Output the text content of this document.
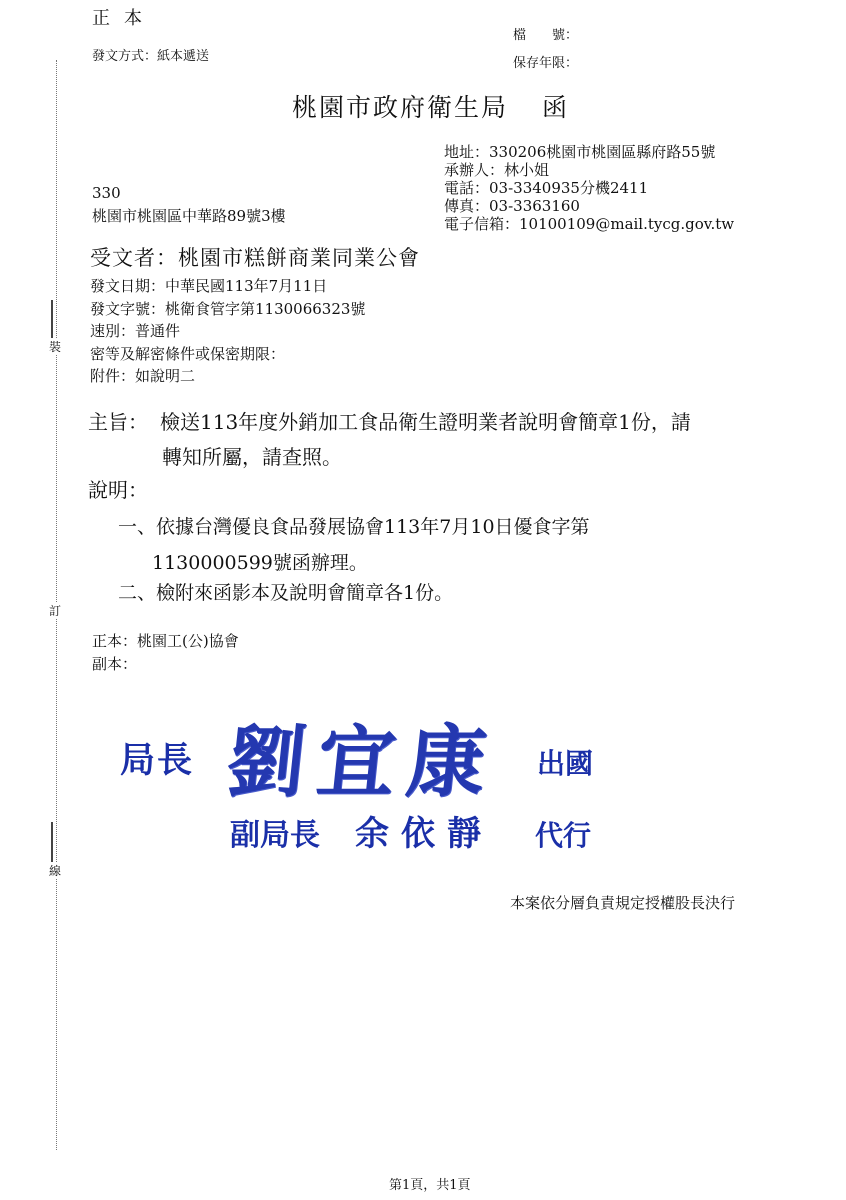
裝
訂
線
正本
檔　　號：
保存年限：
發文方式：紙本遞送
桃園市政府衛生局 函
地址：330206桃園市桃園區縣府路55號
承辦人：林小姐
電話：03-3340935分機2411
傳真：03-3363160
電子信箱：10100109@mail.tycg.gov.tw
330
桃園市桃園區中華路89號3樓
受文者：桃園市糕餅商業同業公會
發文日期：中華民國113年7月11日
發文字號：桃衛食管字第1130066323號
速別：普通件
密等及解密條件或保密期限：
附件：如說明二
主旨： 檢送113年度外銷加工食品衛生證明業者說明會簡章1份，請
轉知所屬，請查照。
說明：
一、依據台灣優良食品發展協會113年7月10日優食字第
1130000599號函辦理。
二、檢附來函影本及說明會簡章各1份。
正本：桃園工(公)協會
副本：
局長 劉宜康 出國
副局長 余依靜 代行
本案依分層負責規定授權股長決行
第1頁，共1頁
